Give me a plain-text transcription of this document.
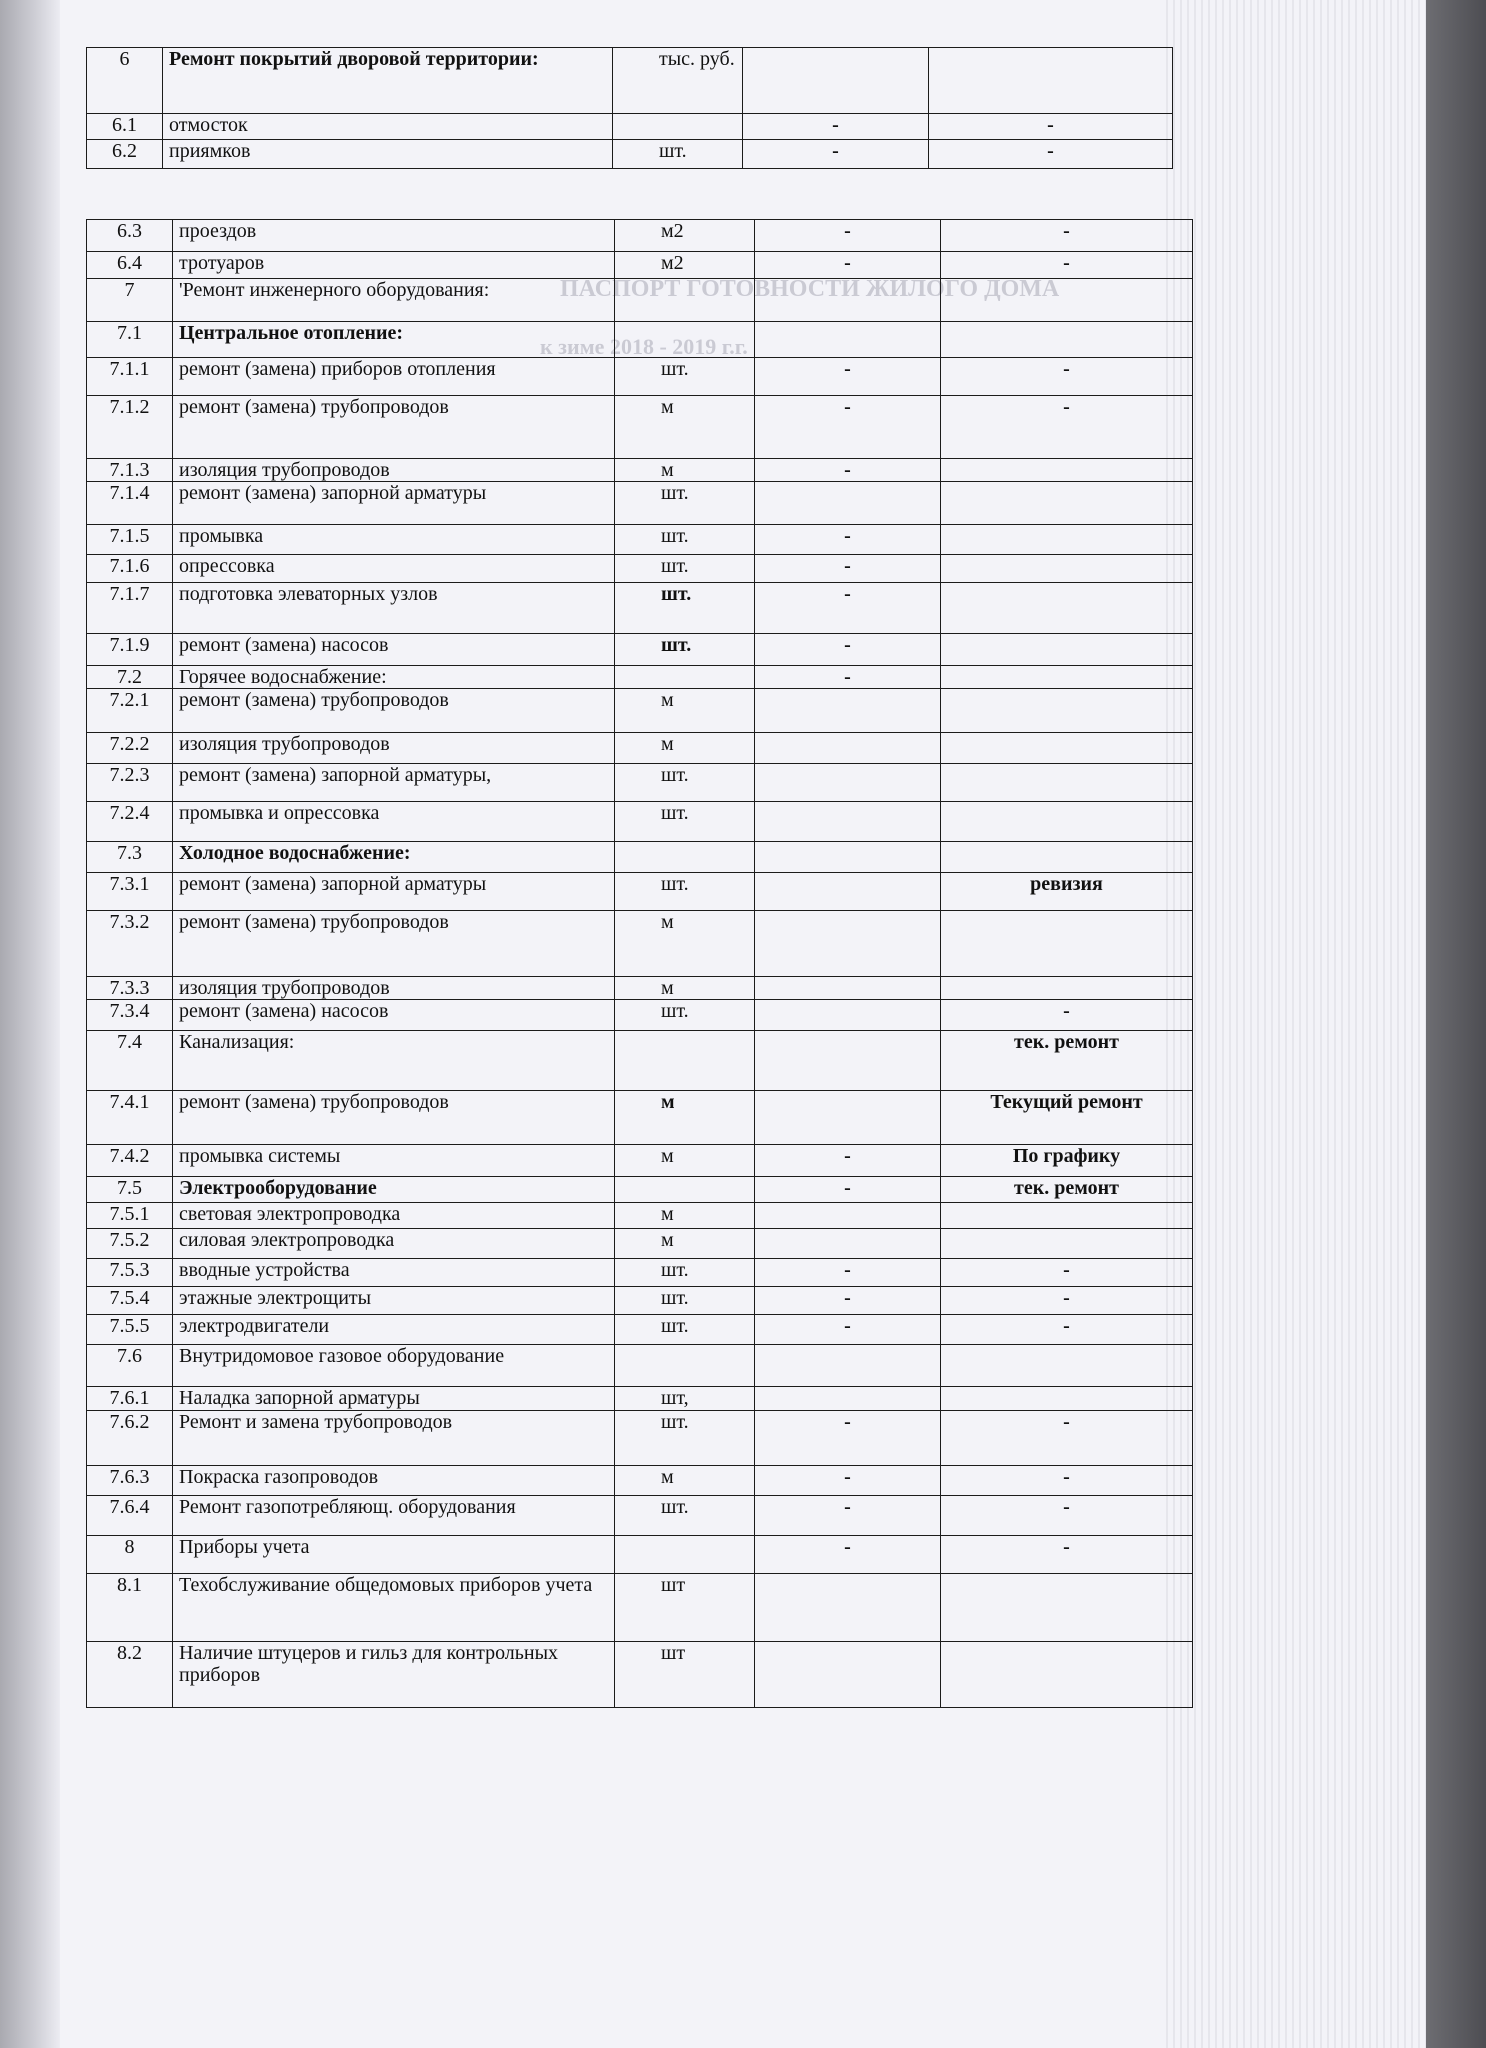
ПАСПОРТ ГОТОВНОСТИ ЖИЛОГО ДОМА
к зиме 2018 - 2019 г.г.
6	Ремонт покрытий дворовой территории:	тыс. руб.		
6.1	отмосток		-	-
6.2	приямков	шт.	-	-
6.3	проездов	м2	-	-
6.4	тротуаров	м2	-	-
7	'Ремонт инженерного оборудования:			
7.1	Центральное отопление:			
7.1.1	ремонт (замена) приборов отопления	шт.	-	-
7.1.2	ремонт (замена) трубопроводов	м	-	-
7.1.3	изоляция трубопроводов	м	-	
7.1.4	ремонт (замена) запорной арматуры	шт.		
7.1.5	промывка	шт.	-	
7.1.6	опрессовка	шт.	-	
7.1.7	подготовка элеваторных узлов	шт.	-	
7.1.9	ремонт (замена) насосов	шт.	-	
7.2	Горячее водоснабжение:		-	
7.2.1	ремонт (замена) трубопроводов	м		
7.2.2	изоляция трубопроводов	м		
7.2.3	ремонт (замена) запорной арматуры,	шт.		
7.2.4	промывка и опрессовка	шт.		
7.3	Холодное водоснабжение:			
7.3.1	ремонт (замена) запорной арматуры	шт.		ревизия
7.3.2	ремонт (замена) трубопроводов	м		
7.3.3	изоляция трубопроводов	м		
7.3.4	ремонт (замена) насосов	шт.		-
7.4	Канализация:			тек. ремонт
7.4.1	ремонт (замена) трубопроводов	м		Текущий ремонт
7.4.2	промывка системы	м	-	По графику
7.5	Электрооборудование		-	тек. ремонт
7.5.1	световая электропроводка	м		
7.5.2	силовая электропроводка	м		
7.5.3	вводные устройства	шт.	-	-
7.5.4	этажные электрощиты	шт.	-	-
7.5.5	электродвигатели	шт.	-	-
7.6	Внутридомовое газовое оборудование			
7.6.1	Наладка запорной арматуры	шт,		
7.6.2	Ремонт и замена трубопроводов	шт.	-	-
7.6.3	Покраска газопроводов	м	-	-
7.6.4	Ремонт газопотребляющ. оборудования	шт.	-	-
8	Приборы учета		-	-
8.1	Техобслуживание общедомовых приборов учета	шт		
8.2	Наличие штуцеров и гильз для контрольных приборов	шт		
